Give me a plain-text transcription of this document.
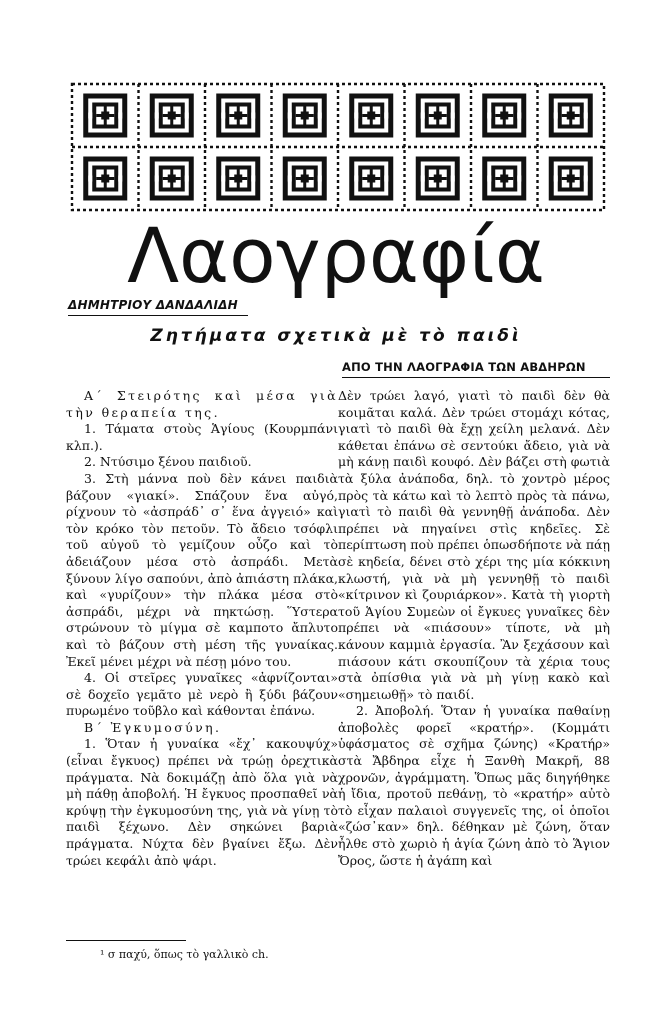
Λαογραφία
ΔΗΜΗΤΡΙΟΥ ΔΑΝΔΑΛΙΔΗ
Ζητήματα σχετικὰ μὲ τὸ παιδὶ
ΑΠΟ ΤΗΝ ΛΑΟΓΡΑΦΙΑ ΤΩΝ ΑΒΔΗΡΩΝ

Α΄ Στειρότης καὶ μέσα γιὰ τὴν θεραπεία της.

1. Τάματα στοὺς Ἁγίους (Κουρμπάνι κλπ.).

2. Ντύσιμο ξένου παιδιοῦ.

3. Στὴ μάννα ποὺ δὲν κάνει παιδιὰ βάζουν «γιακί». Σπάζουν ἕνα αὐγό, ρίχνουν τὸ «ἀσπράδ᾽ σ᾽ ἕνα ἀγγειό» καὶ τὸν κρόκο τὸν πετοῦν. Τὸ ἄδειο τσόφλι τοῦ αὐγοῦ τὸ γεμίζουν οὖζο καὶ τὸ ἀδειάζουν μέσα στὸ ἀσπράδι. Μετὰ ξύνουν λίγο σαπούνι, ἀπὸ ἀπιάστη πλάκα, καὶ «γυρίζουν» τὴν πλάκα μέσα στὸ ἀσπράδι, μέχρι νὰ πηκτώσῃ. Ὕστερα στρώνουν τὸ μίγμα σὲ καμποτο ἄπλυτο καὶ τὸ βάζουν στὴ μέση τῆς γυναίκας. Ἐκεῖ μένει μέχρι νὰ πέσῃ μόνο του.

4. Οἱ στεῖρες γυναῖκες «ἀφνίζονται» σὲ δοχεῖο γεμᾶτο μὲ νερὸ ἢ ξύδι βάζουν πυρωμένο τοῦβλο καὶ κάθονται ἐπάνω.

Β΄ Ἐγκυμοσύνη.

1. Ὅταν ἡ γυναίκα «ἔχ᾽ κακουψύχ» (εἶναι ἔγκυος) πρέπει νὰ τρώῃ ὀρεχτικὰ πράγματα. Νὰ δοκιμάζῃ ἀπὸ ὅλα γιὰ νὰ μὴ πάθῃ ἀποβολή. Ἡ ἔγκυος προσπαθεῖ νὰ κρύψῃ τὴν ἐγκυμοσύνη της, γιὰ νὰ γίνῃ τὸ παιδὶ ξέχωνο. Δὲν σηκώνει βαριὰ πράγματα. Νύχτα δὲν βγαίνει ἔξω. Δὲν τρώει κεφάλι ἀπὸ ψάρι.

Δὲν τρώει λαγό, γιατὶ τὸ παιδὶ δὲν θὰ κοιμᾶται καλά. Δὲν τρώει στομάχι κότας, γιατὶ τὸ παιδὶ θὰ ἔχῃ χείλη μελανά. Δὲν κάθεται ἐπάνω σὲ σεντούκι ἄδειο, γιὰ νὰ μὴ κάνῃ παιδὶ κουφό. Δὲν βάζει στὴ φωτιὰ τὰ ξύλα ἀνάποδα, δηλ. τὸ χοντρὸ μέρος πρὸς τὰ κάτω καὶ τὸ λεπτὸ πρὸς τὰ πάνω, γιατὶ τὸ παιδὶ θὰ γεννηθῇ ἀνάποδα. Δὲν πρέπει νὰ πηγαίνει στὶς κηδεῖες. Σὲ περίπτωση ποὺ πρέπει ὁπωσδήποτε νὰ πάῃ σὲ κηδεία, δένει στὸ χέρι της μία κόκκινη κλωστή, γιὰ νὰ μὴ γεννηθῇ τὸ παιδὶ «κίτρινον κὶ ζουριάρκον». Κατὰ τὴ γιορτὴ τοῦ Ἁγίου Συμεὼν οἱ ἔγκυες γυναῖκες δὲν πρέπει νὰ «πιάσουν» τίποτε, νὰ μὴ κάνουν καμμιὰ ἐργασία. Ἂν ξεχάσουν καὶ πιάσουν κάτι σκουπίζουν τὰ χέρια τους στὰ ὀπίσθια γιὰ νὰ μὴ γίνῃ κακὸ καὶ «σημειωθῇ» τὸ παιδί.

2. Ἀποβολή. Ὅταν ἡ γυναίκα παθαίνῃ ἀποβολὲς φορεῖ «κρατήρ». (Κομμάτι ὑφάσματος σὲ σχῆμα ζώνης) «Κρατήρ» στὰ Ἄβδηρα εἶχε ἡ Ξανθὴ Μακρῆ, 88 χρονῶν, ἀγράμματη. Ὅπως μᾶς διηγήθηκε ἡ ἴδια, προτοῦ πεθάνῃ, τὸ «κρατήρ» αὐτὸ τὸ εἶχαν παλαιοὶ συγγενεῖς της, οἱ ὁποῖοι «ζώσ᾽καν» δηλ. δέθηκαν μὲ ζώνη, ὅταν ἦλθε στὸ χωριὸ ἡ ἁγία ζώνη ἀπὸ τὸ Ἅγιον Ὄρος, ὥστε ἡ ἀγάπη καὶ

¹ σ παχύ, ὅπως τὸ γαλλικὸ ch.
